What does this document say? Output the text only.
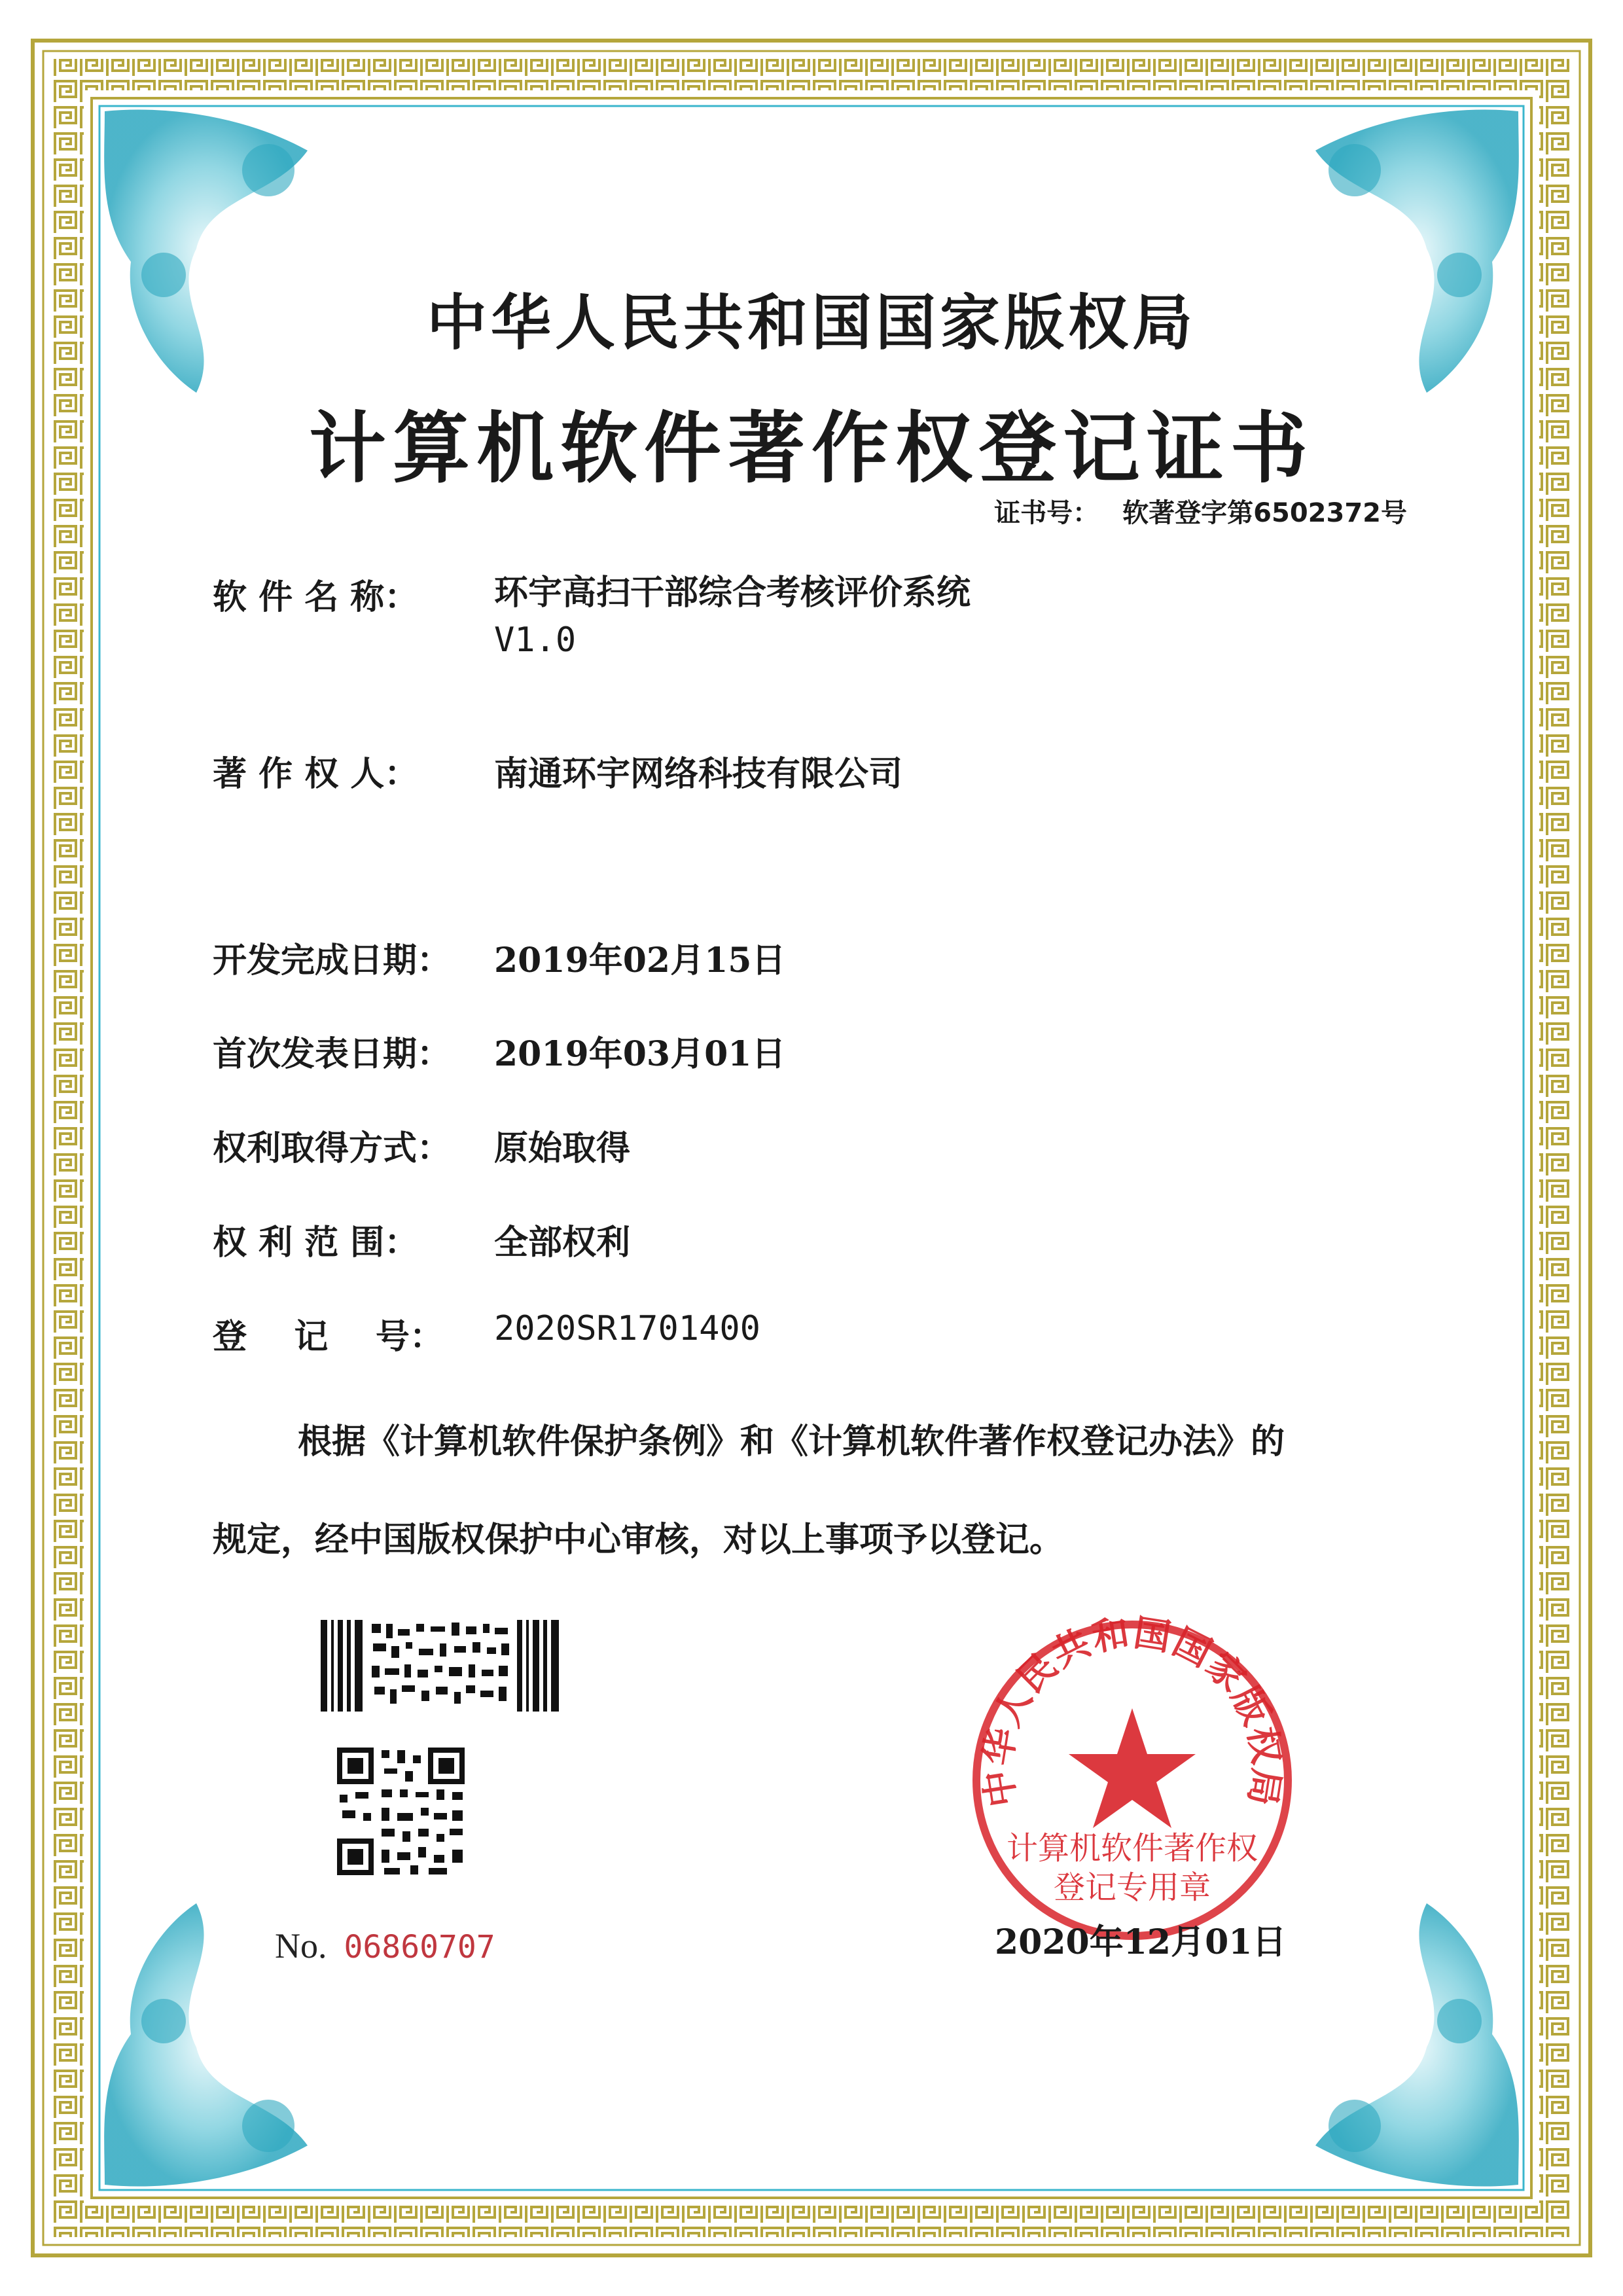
中华人民共和国国家版权局
计算机软件著作权登记证书
证书号： 软著登字第6502372号
软 件 名 称：	环宇高扫干部综合考核评价系统
V1.0
著 作 权 人：	南通环宇网络科技有限公司
开发完成日期：	2019年02月15日
首次发表日期：	2019年03月01日
权利取得方式：	原始取得
权 利 范 围：	全部权利
登    记    号：	2020SR1701400
根据《计算机软件保护条例》和《计算机软件著作权登记办法》的
规定，经中国版权保护中心审核，对以上事项予以登记。
No. 06860707
中华人民共和国国家版权局
计算机软件著作权
登记专用章
2020年12月01日
